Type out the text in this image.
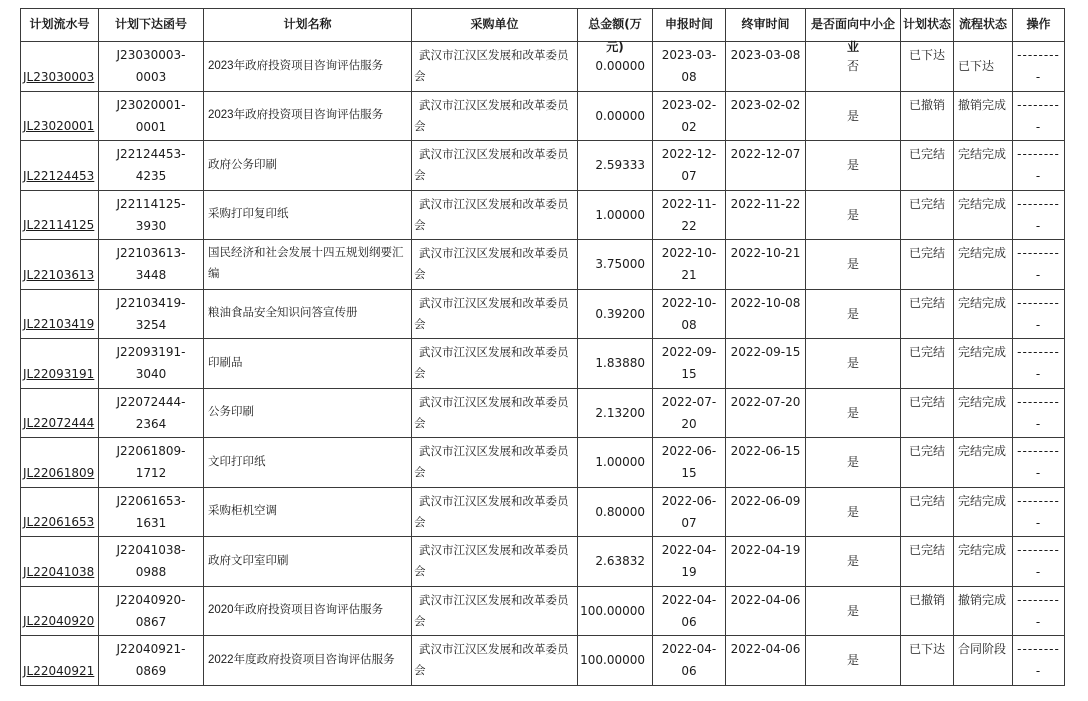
计划流水号	计划下达函号	计划名称	采购单位	总金额(万元)	申报时间	终审时间	是否面向中小企业	计划状态	流程状态	操作

JL23030003	J23030003-0003	2023年政府投资项目咨询评估服务	武汉市江汉区发展和改革委员会	0.00000	2023-03-08	2023-03-08	否	已下达	已下达	---------
JL23020001	J23020001-0001	2023年政府投资项目咨询评估服务	武汉市江汉区发展和改革委员会	0.00000	2023-02-02	2023-02-02	是	已撤销	撤销完成	---------
JL22124453	J22124453-4235	政府公务印刷	武汉市江汉区发展和改革委员会	2.59333	2022-12-07	2022-12-07	是	已完结	完结完成	---------
JL22114125	J22114125-3930	采购打印复印纸	武汉市江汉区发展和改革委员会	1.00000	2022-11-22	2022-11-22	是	已完结	完结完成	---------
JL22103613	J22103613-3448	国民经济和社会发展十四五规划纲要汇编	武汉市江汉区发展和改革委员会	3.75000	2022-10-21	2022-10-21	是	已完结	完结完成	---------
JL22103419	J22103419-3254	粮油食品安全知识问答宣传册	武汉市江汉区发展和改革委员会	0.39200	2022-10-08	2022-10-08	是	已完结	完结完成	---------
JL22093191	J22093191-3040	印刷品	武汉市江汉区发展和改革委员会	1.83880	2022-09-15	2022-09-15	是	已完结	完结完成	---------
JL22072444	J22072444-2364	公务印刷	武汉市江汉区发展和改革委员会	2.13200	2022-07-20	2022-07-20	是	已完结	完结完成	---------
JL22061809	J22061809-1712	文印打印纸	武汉市江汉区发展和改革委员会	1.00000	2022-06-15	2022-06-15	是	已完结	完结完成	---------
JL22061653	J22061653-1631	采购柜机空调	武汉市江汉区发展和改革委员会	0.80000	2022-06-07	2022-06-09	是	已完结	完结完成	---------
JL22041038	J22041038-0988	政府文印室印刷	武汉市江汉区发展和改革委员会	2.63832	2022-04-19	2022-04-19	是	已完结	完结完成	---------
JL22040920	J22040920-0867	2020年政府投资项目咨询评估服务	武汉市江汉区发展和改革委员会	100.00000	2022-04-06	2022-04-06	是	已撤销	撤销完成	---------
JL22040921	J22040921-0869	2022年度政府投资项目咨询评估服务	武汉市江汉区发展和改革委员会	100.00000	2022-04-06	2022-04-06	是	已下达	合同阶段	---------
